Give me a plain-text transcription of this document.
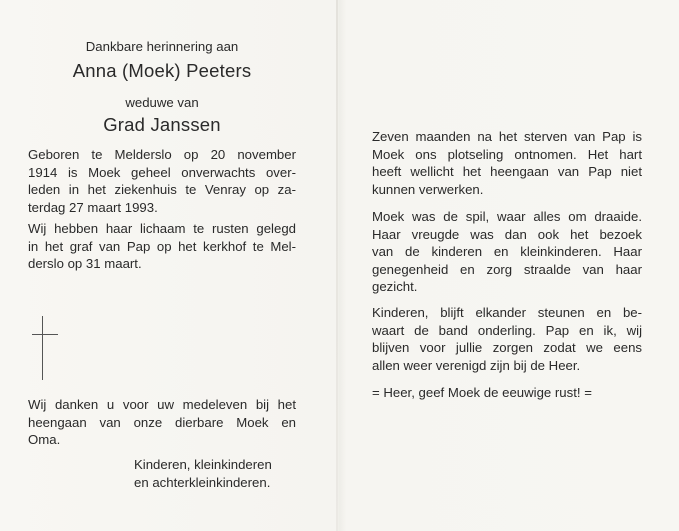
Dankbare herinnering aan
Anna (Moek) Peeters
weduwe van
Grad Janssen
Geboren te Melderslo op 20 november
1914 is Moek geheel onverwachts over-
leden in het ziekenhuis te Venray op za-
terdag 27 maart 1993.
Wij hebben haar lichaam te rusten gelegd
in het graf van Pap op het kerkhof te Mel-
derslo op 31 maart.
Wij danken u voor uw medeleven bij het
heengaan van onze dierbare Moek en
Oma.
Kinderen, kleinkinderen
en achterkleinkinderen.
Zeven maanden na het sterven van Pap is
Moek ons plotseling ontnomen. Het hart
heeft wellicht het heengaan van Pap niet
kunnen verwerken.
Moek was de spil, waar alles om draaide.
Haar vreugde was dan ook het bezoek
van de kinderen en kleinkinderen. Haar
genegenheid en zorg straalde van haar
gezicht.
Kinderen, blijft elkander steunen en be-
waart de band onderling. Pap en ik, wij
blijven voor jullie zorgen zodat we eens
allen weer verenigd zijn bij de Heer.
= Heer, geef Moek de eeuwige rust! =
